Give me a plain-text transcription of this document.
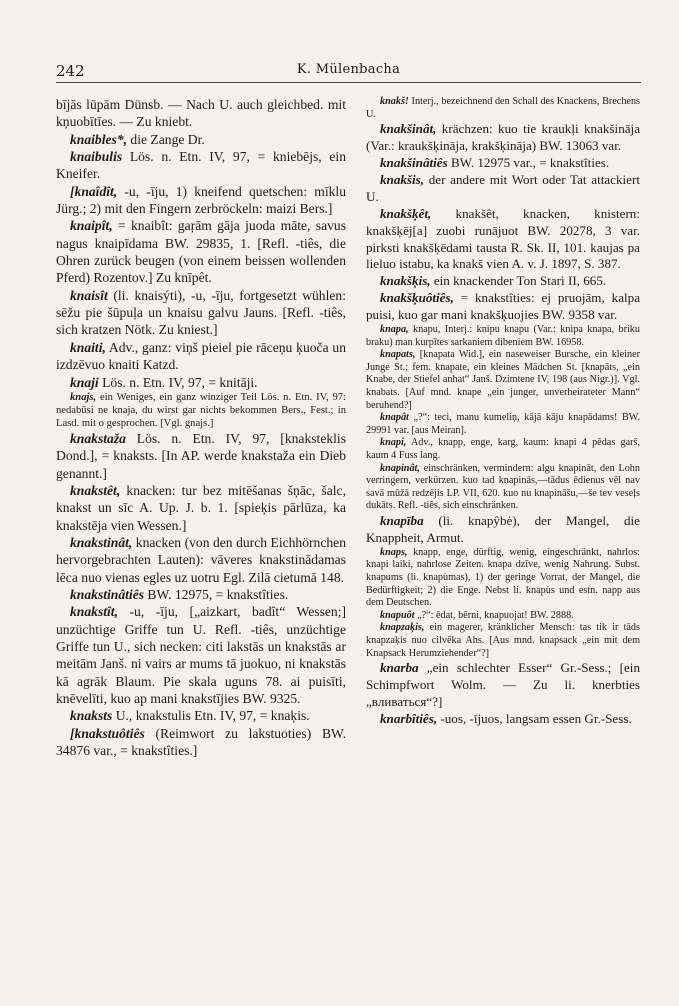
242	K. Mülenbacha

bījās lūpām Dünsb. — Nach U. auch gleichbed. mit kņuobītīes. — Zu kniebt.

knaibles*, die Zange Dr.

knaibulis Lös. n. Etn. IV, 97, = kniebējs, ein Kneifer.

[knaîdît, -u, -īju, 1) kneifend quetschen: mīklu Jürg.; 2) mit den Fingern zerbröckeln: maizi Bers.]

knaipît, = knaibît: gaŗām gāja juoda māte, savus nagus knaipīdama BW. 29835, 1. [Refl. -tiês, die Ohren zurück beugen (von einem beissen wollenden Pferd) Rozentov.] Zu knīpêt.

knaisît (li. knaisýti), -u, -īju, fortgesetzt wühlen: sēžu pie šūpuļa un knaisu galvu Jauns. [Refl. -tiês, sich kratzen Nötk. Zu kniest.]

knaiti, Adv., ganz: viņš pieiel pie rāceņu ķuoča un izdzēvuo knaiti Katzd.

knaji Lös. n. Etn. IV, 97, = knitāji.

knajs, ein Weniges, ein ganz winziger Teil Lös. n. Etn. IV, 97: nedabūsi ne knaja, du wirst gar nichts bekommen Bers., Fest.; in Lasd. mit o gesprochen. [Vgl. gnajs.]

knakstaža Lös. n. Etn. IV, 97, [knaksteklis Dond.], = knaksts. [In AP. werde knakstaža ein Dieb genannt.]

knakstêt, knacken: tur bez mitēšanas šņāc, šalc, knakst un sīc A. Up. J. b. 1. [spieķis pārlūza, ka knakstēja vien Wessen.]

knakstinât, knacken (von den durch Eichhörnchen hervorgebrachten Lauten): vāveres knakstinādamas lēca nuo vienas egles uz uotru Egl. Zilā cietumā 148.

knakstinâtiês BW. 12975, = knakstîties.

knakstît, -u, -īju, [„aizkart, badît“ Wessen;] unzüchtige Griffe tun U. Refl. -tiês, unzüchtige Griffe tun U., sich necken: citi lakstās un knakstās ar meitām Janš. ni vairs ar mums tā juokuo, ni knakstās kā agrāk Blaum. Pie skala uguns 78. ai puisīti, knēvelīti, kuo ap mani knakstījies BW. 9325.

knaksts U., knakstulis Etn. IV, 97, = knaķis.

[knakstuôtiês (Reimwort zu lakstuoties) BW. 34876 var., = knakstîties.]

knakš! Interj., bezeichnend den Schall des Knackens, Brechens U.

knakšinât, krächzen: kuo tie kraukļi knakšināja (Var.: kraukšķināja, krakšķināja) BW. 13063 var.

knakšinâtiês BW. 12975 var., = knakstîties.

knakšis, der andere mit Wort oder Tat attackiert U.

knakšķêt, knakšêt, knacken, knistern: knakšķēj[a] zuobi runājuot BW. 20278, 3 var. pirksti knakšķēdami tausta R. Sk. II, 101. kaujas pa lieluo istabu, ka knakš vien A. v. J. 1897, S. 387.

knakšķis, ein knackender Ton Stari II, 665.

knakšķuôtiês, = knakstîties: ej pruojām, kalpa puisi, kuo gar mani knakšķuojies BW. 9358 var.

knapa, knapu, Interj.: knipu knapu (Var.: knipa knapa, briku braku) man kurpītes sarkaniem dibeniem BW. 16958.

knapats, [knapata Wid.], ein naseweiser Bursche, ein kleiner Junge St.; fem. knapate, ein kleines Mädchen St. [knapāts, „ein Knabe, der Stiefel anhat“ Janš. Dzimtene IV, 198 (aus Nigr.)]. Vgl. knabats. [Auf mnd. knape „ein junger, unverheirateter Mann“ beruhend?]

knapât „?“: teci, manu kumeliņ, kājā kāju knapādams! BW. 29991 var. [aus Meiran].

knapi, Adv., knapp, enge, karg, kaum: knapi 4 pēdas garš, kaum 4 Fuss lang.

knapinât, einschränken, vermindern: algu knapināt, den Lohn verringern, verkürzen. kuo tad knapinās,—tādus ēdienus vēl nav savā mūžā redzējis LP. VII, 620. kuo nu knapināšu,—še tev veseļs dukāts. Refl. -tiês, sich einschränken.

knapība (li. knapŷbė), der Mangel, die Knappheit, Armut.

knaps, knapp, enge, dürftig, wenig, eingeschränkt, nahrlos: knapi laiki, nahrlose Zeiten. knapa dzīve, wenig Nahrung. Subst. knapums (li. knapùmas), 1) der geringe Vorrat, der Mangel, die Bedürftigkeit; 2) die Enge. Nebst li. knapùs und estn. napp aus dem Deutschen.

knapuôt „?“: ēdat, bērni, knapuojat! BW. 2888.

knapzaķis, ein magerer, kränklicher Mensch: tas tik ir tāds knapzaķis nuo cilvēka Ahs. [Aus mnd. knapsack „ein mit dem Knapsack Herumziehender“?]

knarba „ein schlechter Esser“ Gr.-Sess.; [ein Schimpfwort Wolm. — Zu li. knerbties „вливаться“?]

knarbîtiês, -uos, -ījuos, langsam essen Gr.-Sess.
